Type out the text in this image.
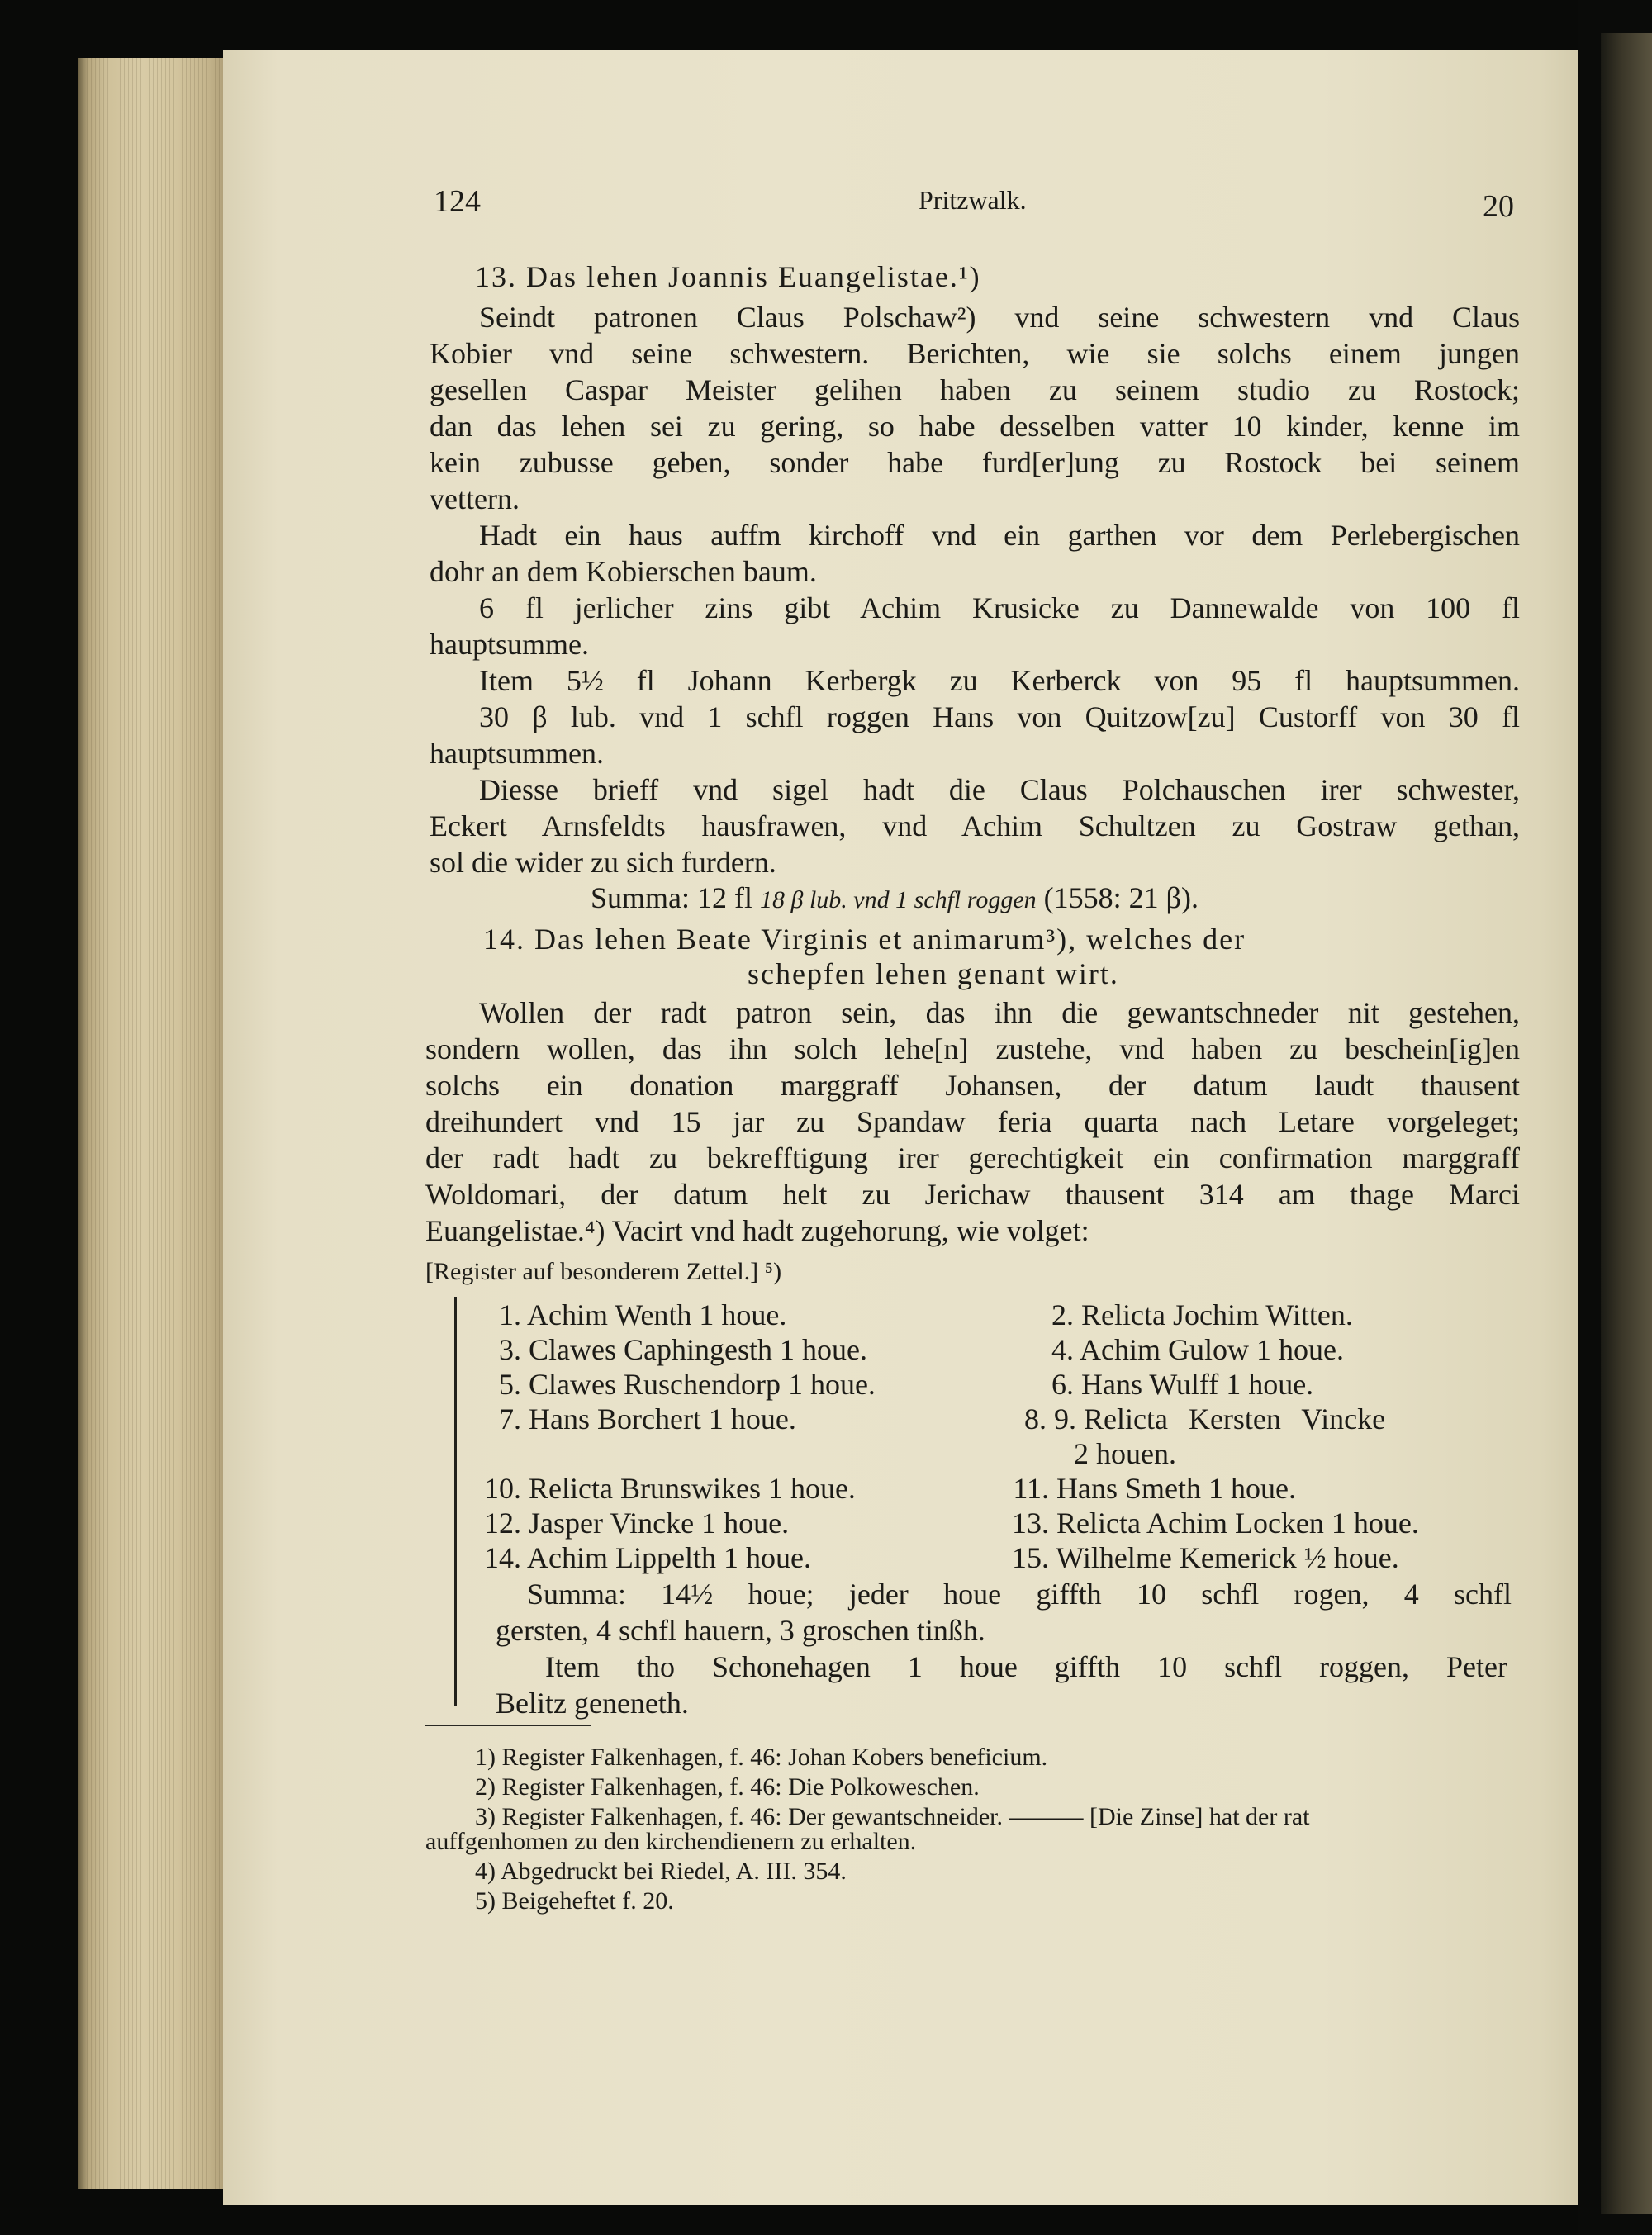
124	Pritzwalk.	20
13. Das lehen Joannis Euangelistae.¹)
Seindt patronen Claus Polschaw²) vnd seine schwestern vnd Claus
Kobier vnd seine schwestern. Berichten, wie sie solchs einem jungen
gesellen Caspar Meister gelihen haben zu seinem studio zu Rostock;
dan das lehen sei zu gering, so habe desselben vatter 10 kinder, kenne im
kein zubusse geben, sonder habe furd[er]ung zu Rostock bei seinem
vettern.
Hadt ein haus auffm kirchoff vnd ein garthen vor dem Perlebergischen
dohr an dem Kobierschen baum.
6 fl jerlicher zins gibt Achim Krusicke zu Dannewalde von 100 fl
hauptsumme.
Item 5½ fl Johann Kerbergk zu Kerberck von 95 fl hauptsummen.
30 β lub. vnd 1 schfl roggen Hans von Quitzow[zu] Custorff von 30 fl
hauptsummen.
Diesse brieff vnd sigel hadt die Claus Polchauschen irer schwester,
Eckert Arnsfeldts hausfrawen, vnd Achim Schultzen zu Gostraw gethan,
sol die wider zu sich furdern.
Summa: 12 fl 18 β lub. vnd 1 schfl roggen (1558: 21 β).
14. Das lehen Beate Virginis et animarum³), welches der
schepfen lehen genant wirt.
Wollen der radt patron sein, das ihn die gewantschneder nit gestehen,
sondern wollen, das ihn solch lehe[n] zustehe, vnd haben zu beschein[ig]en
solchs ein donation marggraff Johansen, der datum laudt thausent
dreihundert vnd 15 jar zu Spandaw feria quarta nach Letare vorgeleget;
der radt hadt zu bekrefftigung irer gerechtigkeit ein confirmation marggraff
Woldomari, der datum helt zu Jerichaw thausent 314 am thage Marci
Euangelistae.⁴) Vacirt vnd hadt zugehorung, wie volget:
[Register auf besonderem Zettel.] ⁵)
1. Achim Wenth 1 houe.
3. Clawes Caphingesth 1 houe.
5. Clawes Ruschendorp 1 houe.
7. Hans Borchert 1 houe.
10. Relicta Brunswikes 1 houe.
12. Jasper Vincke 1 houe.
14. Achim Lippelth 1 houe.
2. Relicta Jochim Witten.
4. Achim Gulow 1 houe.
6. Hans Wulff 1 houe.
8. 9. Relicta Kersten Vincke
2 houen.
11. Hans Smeth 1 houe.
13. Relicta Achim Locken 1 houe.
15. Wilhelme Kemerick ½ houe.
Summa: 14½ houe; jeder houe giffth 10 schfl rogen, 4 schfl
gersten, 4 schfl hauern, 3 groschen tinßh.
Item tho Schonehagen 1 houe giffth 10 schfl roggen, Peter
Belitz geneneth.
1) Register Falkenhagen, f. 46: Johan Kobers beneficium.
2) Register Falkenhagen, f. 46: Die Polkoweschen.
3) Register Falkenhagen, f. 46: Der gewantschneider. ——— [Die Zinse] hat der rat
auffgenhomen zu den kirchendienern zu erhalten.
4) Abgedruckt bei Riedel, A. III. 354.
5) Beigeheftet f. 20.
